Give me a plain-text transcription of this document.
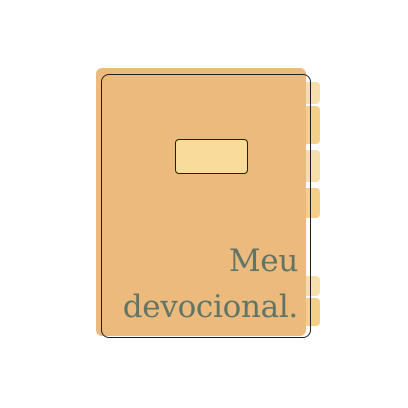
Meu
devocional.
